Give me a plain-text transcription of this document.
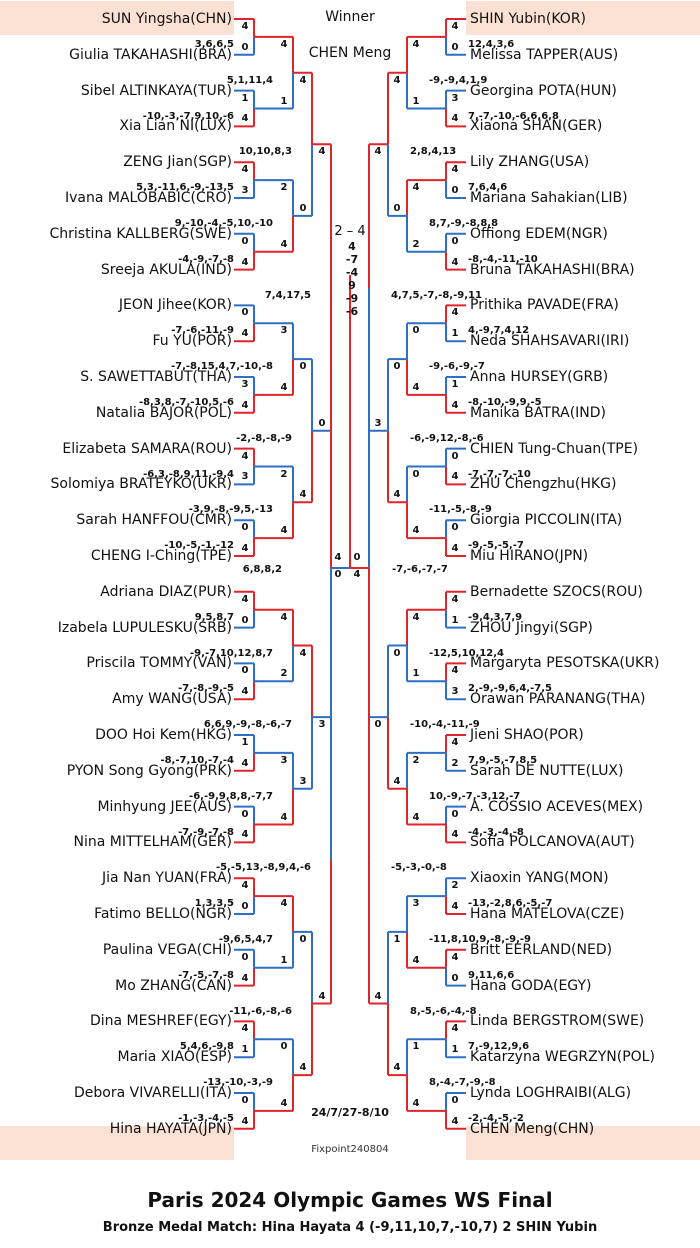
SUN Yingsha(CHN)
Giulia TAKAHASHI(BRA)
Sibel ALTINKAYA(TUR)
Xia Lian NI(LUX)
ZENG Jian(SGP)
Ivana MALOBABIC(CRO)
Christina KALLBERG(SWE)
Sreeja AKULA(IND)
JEON Jihee(KOR)
Fu YU(POR)
S. SAWETTABUT(THA)
Natalia BAJOR(POL)
Elizabeta SAMARA(ROU)
Solomiya BRATEYKO(UKR)
Sarah HANFFOU(CMR)
CHENG I-Ching(TPE)
Adriana DIAZ(PUR)
Izabela LUPULESKU(SRB)
Priscila TOMMY(VAN)
Amy WANG(USA)
DOO Hoi Kem(HKG)
PYON Song Gyong(PRK)
Minhyung JEE(AUS)
Nina MITTELHAM(GER)
Jia Nan YUAN(FRA)
Fatimo BELLO(NGR)
Paulina VEGA(CHI)
Mo ZHANG(CAN)
Dina MESHREF(EGY)
Maria XIAO(ESP)
Debora VIVARELLI(ITA)
Hina HAYATA(JPN)
SHIN Yubin(KOR)
Melissa TAPPER(AUS)
Georgina POTA(HUN)
Xiaona SHAN(GER)
Lily ZHANG(USA)
Mariana Sahakian(LIB)
Offiong EDEM(NGR)
Bruna TAKAHASHI(BRA)
Prithika PAVADE(FRA)
Neda SHAHSAVARI(IRI)
Anna HURSEY(GRB)
Manika BATRA(IND)
CHIEN Tung-Chuan(TPE)
ZHU Chengzhu(HKG)
Giorgia PICCOLIN(ITA)
Miu HIRANO(JPN)
Bernadette SZOCS(ROU)
ZHOU Jingyi(SGP)
Margaryta PESOTSKA(UKR)
Orawan PARANANG(THA)
Jieni SHAO(POR)
Sarah DE NUTTE(LUX)
A. COSSIO ACEVES(MEX)
Sofia POLCANOVA(AUT)
Xiaoxin YANG(MON)
Hana MATELOVA(CZE)
Britt EERLAND(NED)
Hana GODA(EGY)
Linda BERGSTROM(SWE)
Katarzyna WEGRZYN(POL)
Lynda LOGHRAIBI(ALG)
CHEN Meng(CHN)
4
0
3,6,6,5
1
4
-10,-3,-7,9,10,-6
4
3
5,3,-11,6,-9,-13,5
0
4
-4,-9,-7,-8
0
4
-7,-6,-11,-9
3
4
-8,3,8,-7,-10,5,-6
4
3
-6,3,-8,9,11,-9,4
0
4
-10,-5,-1,-12
4
0
9,5,8,7
0
4
-7,-8,-9,-5
1
4
-8,-7,10,-7,-4
0
4
-7,-9,-7,-8
4
0
1,3,3,5
0
4
-7,-5,-7,-8
4
1
5,4,6,-9,8
0
4
-1,-3,-4,-5
4
1
5,1,11,4
2
4
9,-10,-4,-5,10,-10
3
4
-7,-8,15,4,7,-10,-8
2
4
-3,9,-8,-9,5,-13
4
2
-9,-7,10,12,8,7
3
4
-6,-9,9,8,8,-7,7
4
1
-9,6,5,4,7
0
4
-13,-10,-3,-9
4
0
10,10,8,3
0
4
-2,-8,-8,-9
4
3
6,6,9,-9,-8,-6,-7
0
4
-11,-6,-8,-6
4
0
7,4,17,5
3
4
-5,-5,13,-8,9,4,-6
6,8,8,2
4
0 12,4,3,6
3
4 7,-7,-10,-6,6,6,8
4
0 7,6,4,6
0
4 -8,-4,-11,-10
4
1 4,-9,7,4,12
1
4 -8,-10,-9,9,-5
0
4 -7,-7,-7,-10
0
4 -9,-5,-5,-7
4
1 -9,4,3,7,9
4
3 2,-9,-9,6,4,-7,5
4
2 7,9,-5,-7,8,5
0
4 -4,-3,-4,-8
2
4 -13,-2,8,6,-5,-7
4
0 9,11,6,6
4
1 7,-9,12,9,6
0
4 -2,-4,-5,-2
4
1
-9,-9,4,1,9
4
2
8,7,-9,-8,8,8
0
4
-9,-6,-9,-7
0
4
-11,-5,-8,-9
4
1
-12,5,10,12,4
2
4
10,-9,-7,-3,12,-7
3
4
-11,8,10,9,-8,-9,-9
1
4
8,-4,-7,-9,-8
4
0
2,8,4,13
0
4
-6,-9,12,-8,-6
0
4
-10,-4,-11,-9
1
4
8,-5,-6,-4,-8
4
3
4,7,5,-7,-8,-9,11
0
4
-5,-3,-0,-8
-7,-6,-7,-7
Winner
CHEN Meng
2 – 4
4
-7
-4
9
-9
-6
4
0
0
4
24/7/27-8/10
Fixpoint240804
Paris 2024 Olympic Games WS Final
Bronze Medal Match: Hina Hayata 4 (-9,11,10,7,-10,7) 2 SHIN Yubin
